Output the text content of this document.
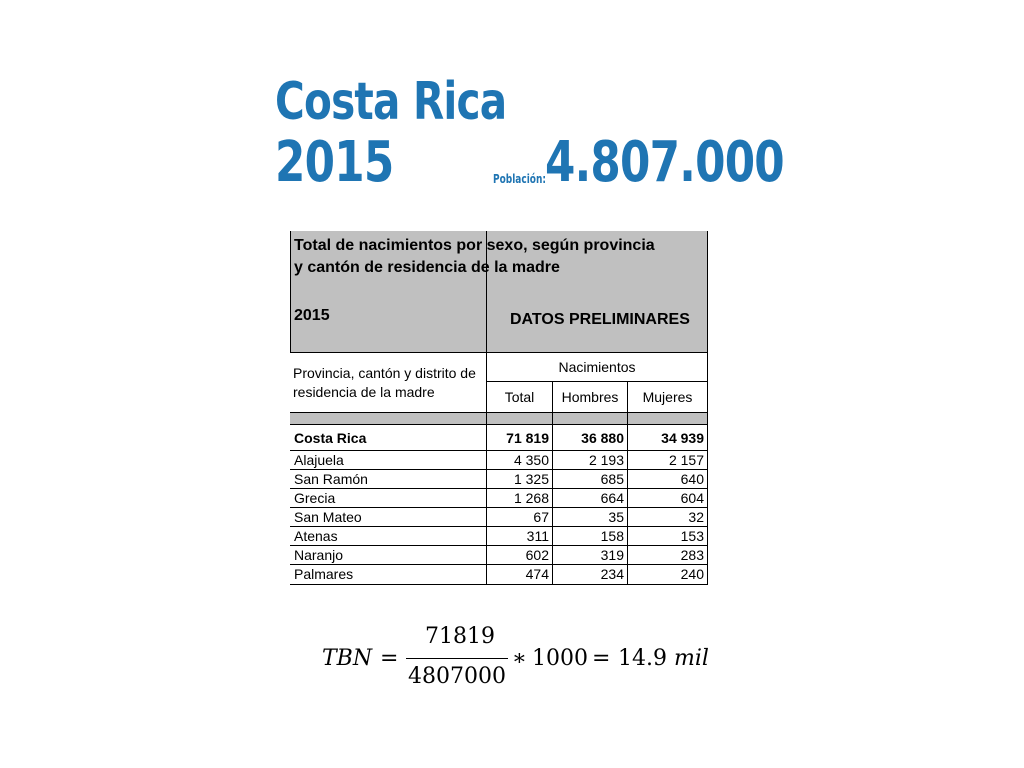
Costa Rica
2015	Población: 4.807.000
Total de nacimientos por sexo, según provincia
y cantón de residencia de la madre
2015	DATOS PRELIMINARES
Provincia, cantón y distrito de
residencia de la madre
Nacimientos
Total	Hombres	Mujeres
Costa Rica	71 819	36 880	34 939
Alajuela	4 350	2 193	2 157
San Ramón	1 325	685	640
Grecia	1 268	664	604
San Mateo	67	35	32
Atenas	311	158	153
Naranjo	602	319	283
Palmares	474	234	240
TBN =
71819
4807000
∗ 1000 = 14.9 mil
